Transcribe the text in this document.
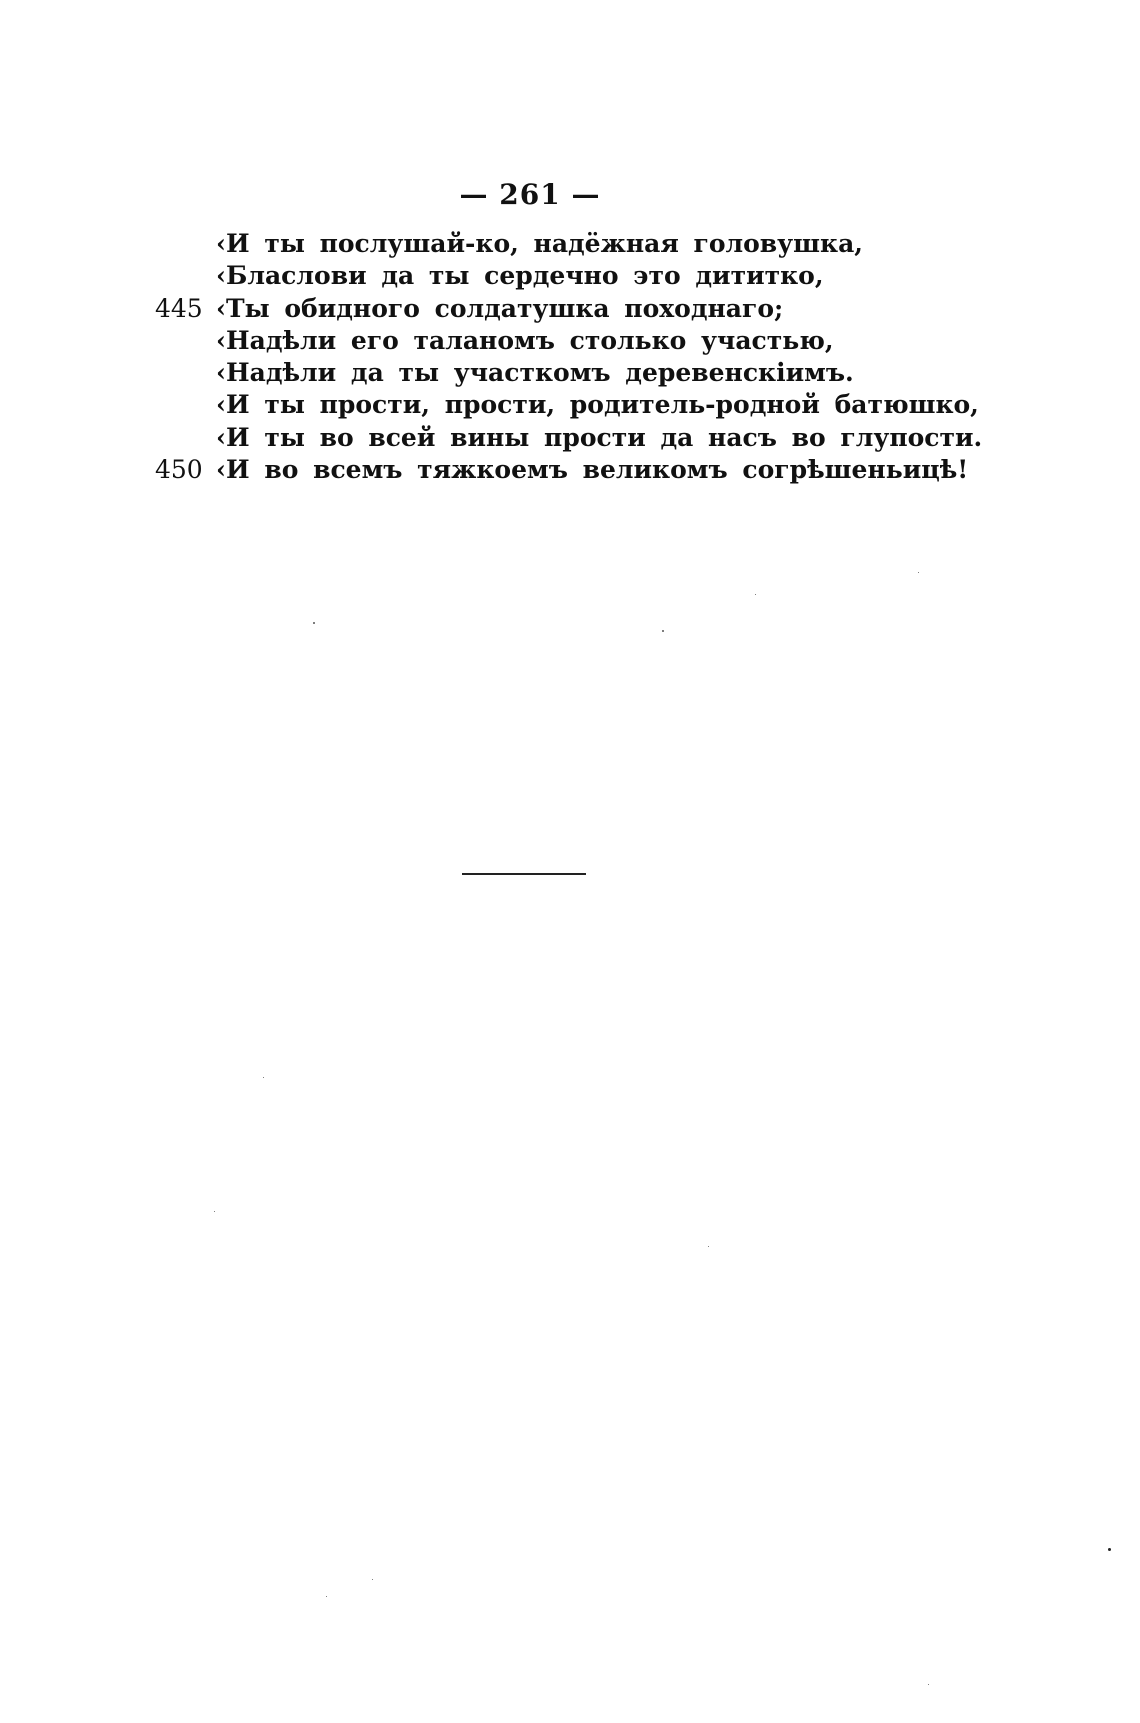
— 261 —
‹И ты послушай-ко, надёжная головушка,
‹Бласлови да ты сердечно это дититко,
445 ‹Ты обидного солдатушка походнаго;
‹Надѣли его таланомъ столько участью,
‹Надѣли да ты участкомъ деревенскіимъ.
‹И ты прости, прости, родитель-родной батюшко,
‹И ты во всей вины прости да насъ во глупости.
450 ‹И во всемъ тяжкоемъ великомъ согрѣшеньицѣ!
